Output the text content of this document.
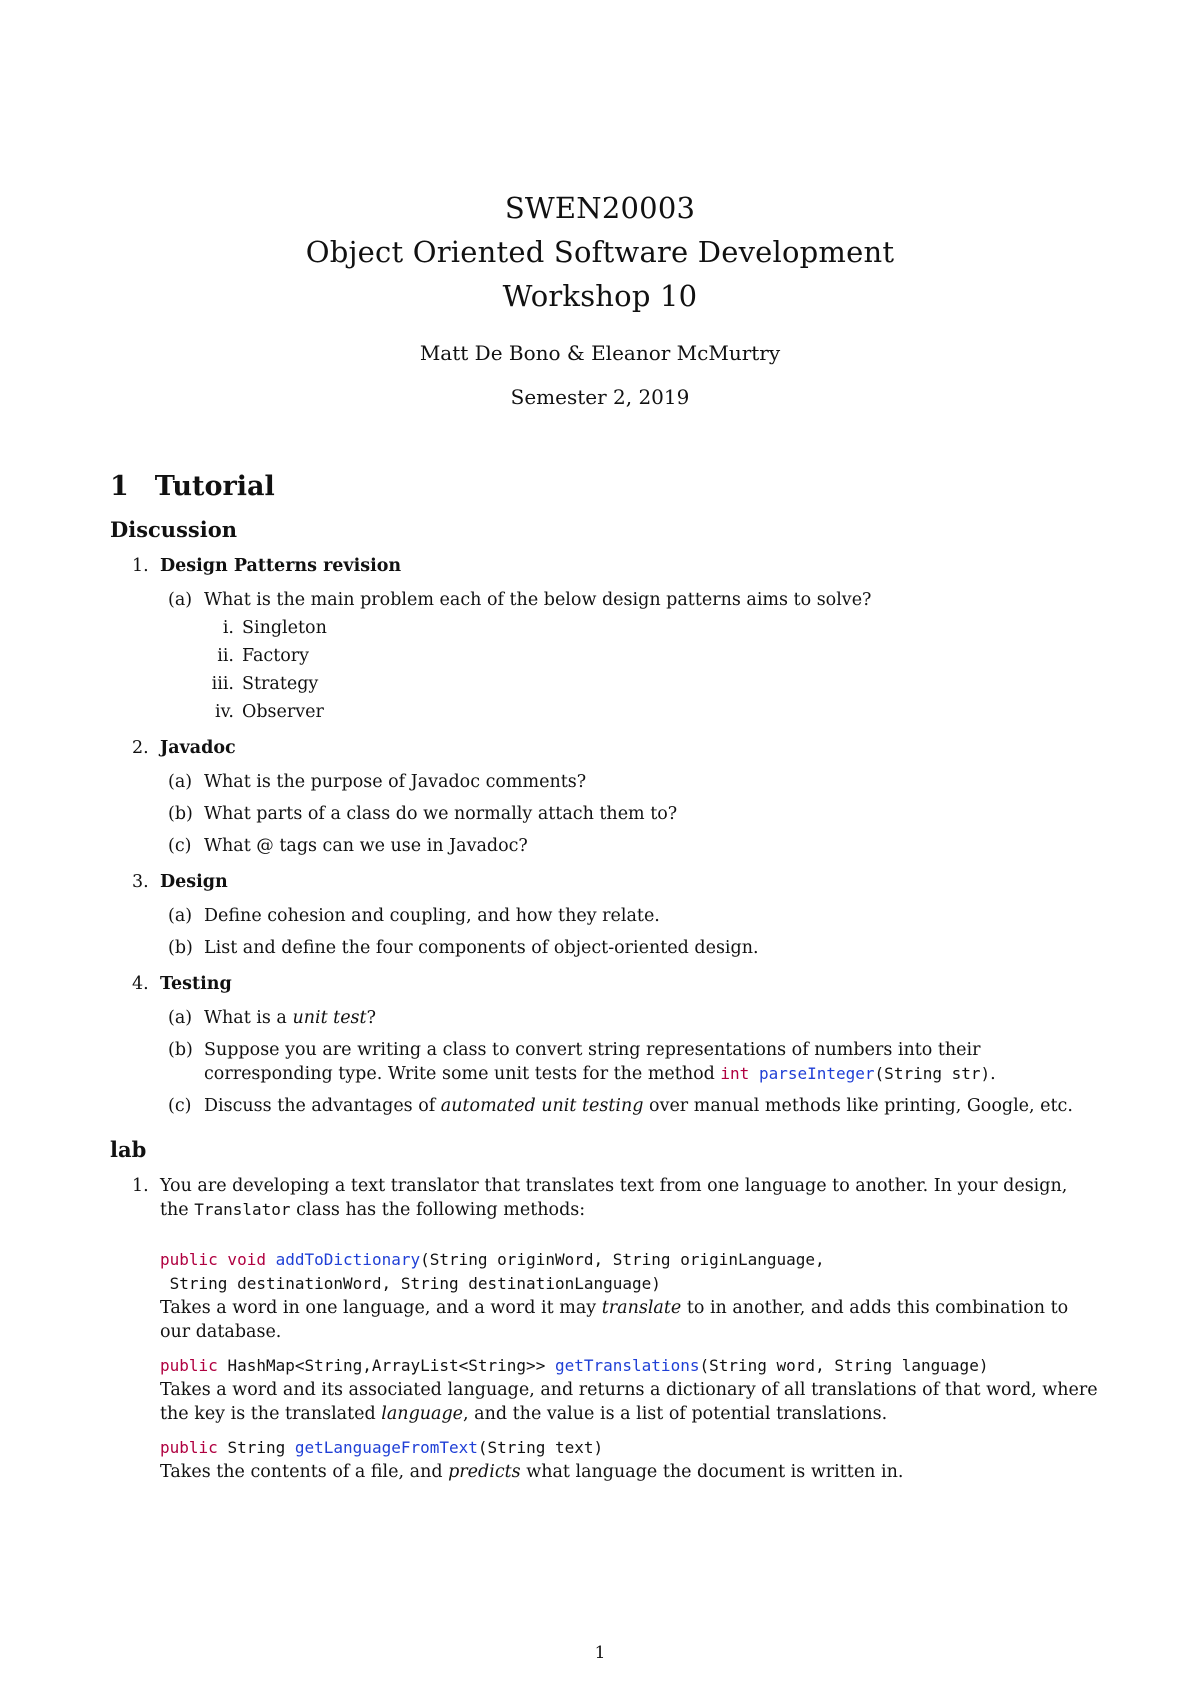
SWEN20003
Object Oriented Software Development
Workshop 10
Matt De Bono & Eleanor McMurtry
Semester 2, 2019
1 Tutorial
Discussion
1. Design Patterns revision
(a) What is the main problem each of the below design patterns aims to solve?
i. Singleton
ii. Factory
iii. Strategy
iv. Observer
2. Javadoc
(a) What is the purpose of Javadoc comments?
(b) What parts of a class do we normally attach them to?
(c) What @ tags can we use in Javadoc?
3. Design
(a) Define cohesion and coupling, and how they relate.
(b) List and define the four components of object-oriented design.
4. Testing
(a) What is a unit test?
(b) Suppose you are writing a class to convert string representations of numbers into their corresponding type. Write some unit tests for the method int parseInteger(String str).
(c) Discuss the advantages of automated unit testing over manual methods like printing, Google, etc.
lab
1. You are developing a text translator that translates text from one language to another. In your design, the Translator class has the following methods:
public void addToDictionary(String originWord, String originLanguage,
String destinationWord, String destinationLanguage)
Takes a word in one language, and a word it may translate to in another, and adds this combination to our database.
public HashMap<String,ArrayList<String>> getTranslations(String word, String language)
Takes a word and its associated language, and returns a dictionary of all translations of that word, where the key is the translated language, and the value is a list of potential translations.
public String getLanguageFromText(String text)
Takes the contents of a file, and predicts what language the document is written in.
1
